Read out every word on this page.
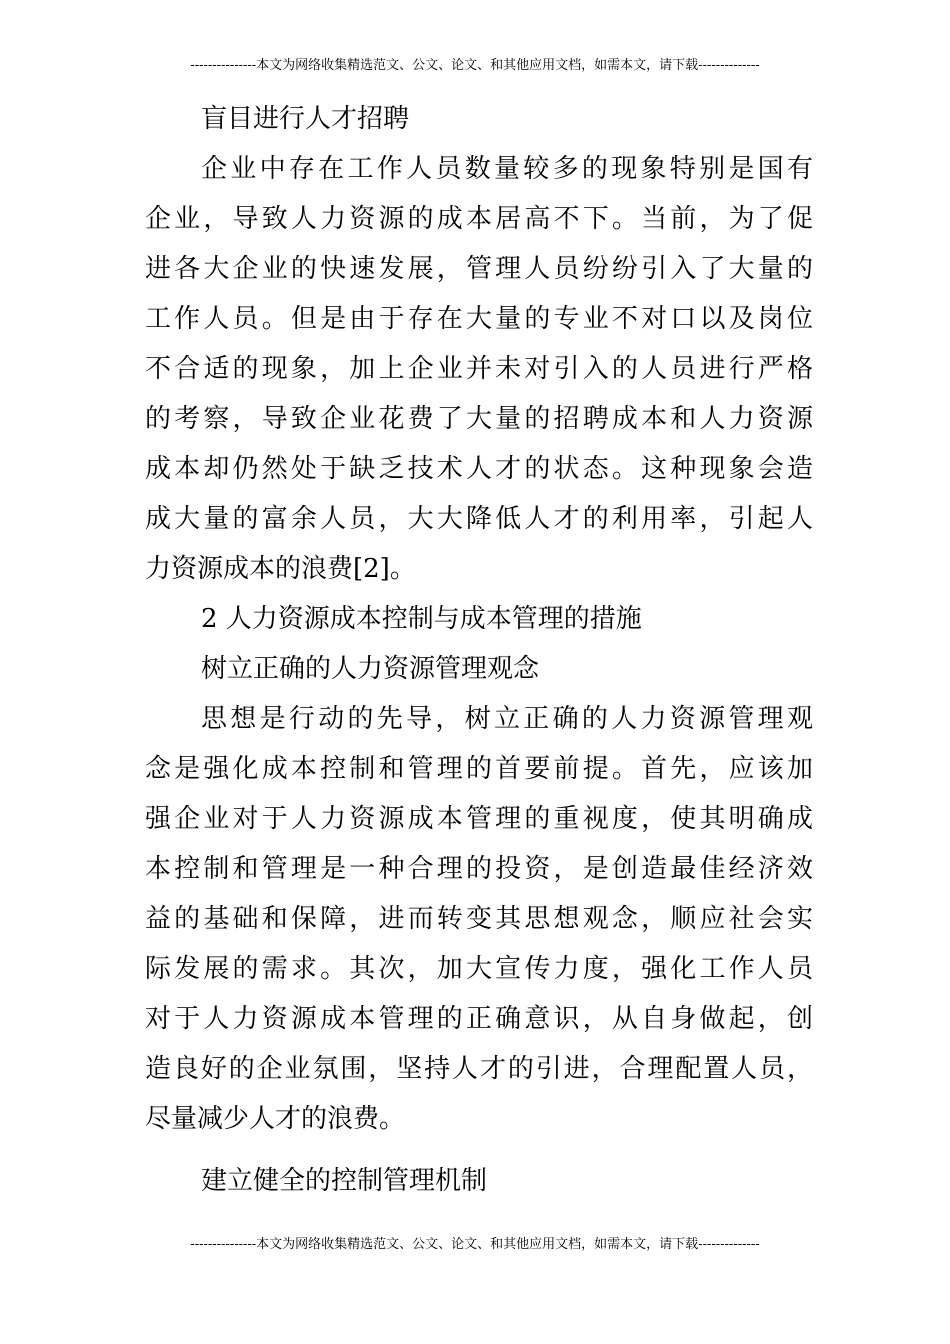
---------------本文为网络收集精选范文、公文、论文、和其他应用文档，如需本文，请下载--------------

盲目进行人才招聘

企业中存在工作人员数量较多的现象特别是国有
企业，导致人力资源的成本居高不下。当前，为了促
进各大企业的快速发展，管理人员纷纷引入了大量的
工作人员。但是由于存在大量的专业不对口以及岗位
不合适的现象，加上企业并未对引入的人员进行严格
的考察，导致企业花费了大量的招聘成本和人力资源
成本却仍然处于缺乏技术人才的状态。这种现象会造
成大量的富余人员，大大降低人才的利用率，引起人
力资源成本的浪费[2]。

2 人力资源成本控制与成本管理的措施

树立正确的人力资源管理观念

思想是行动的先导，树立正确的人力资源管理观
念是强化成本控制和管理的首要前提。首先，应该加
强企业对于人力资源成本管理的重视度，使其明确成
本控制和管理是一种合理的投资，是创造最佳经济效
益的基础和保障，进而转变其思想观念，顺应社会实
际发展的需求。其次，加大宣传力度，强化工作人员
对于人力资源成本管理的正确意识，从自身做起，创
造良好的企业氛围，坚持人才的引进，合理配置人员，
尽量减少人才的浪费。

建立健全的控制管理机制

---------------本文为网络收集精选范文、公文、论文、和其他应用文档，如需本文，请下载--------------
